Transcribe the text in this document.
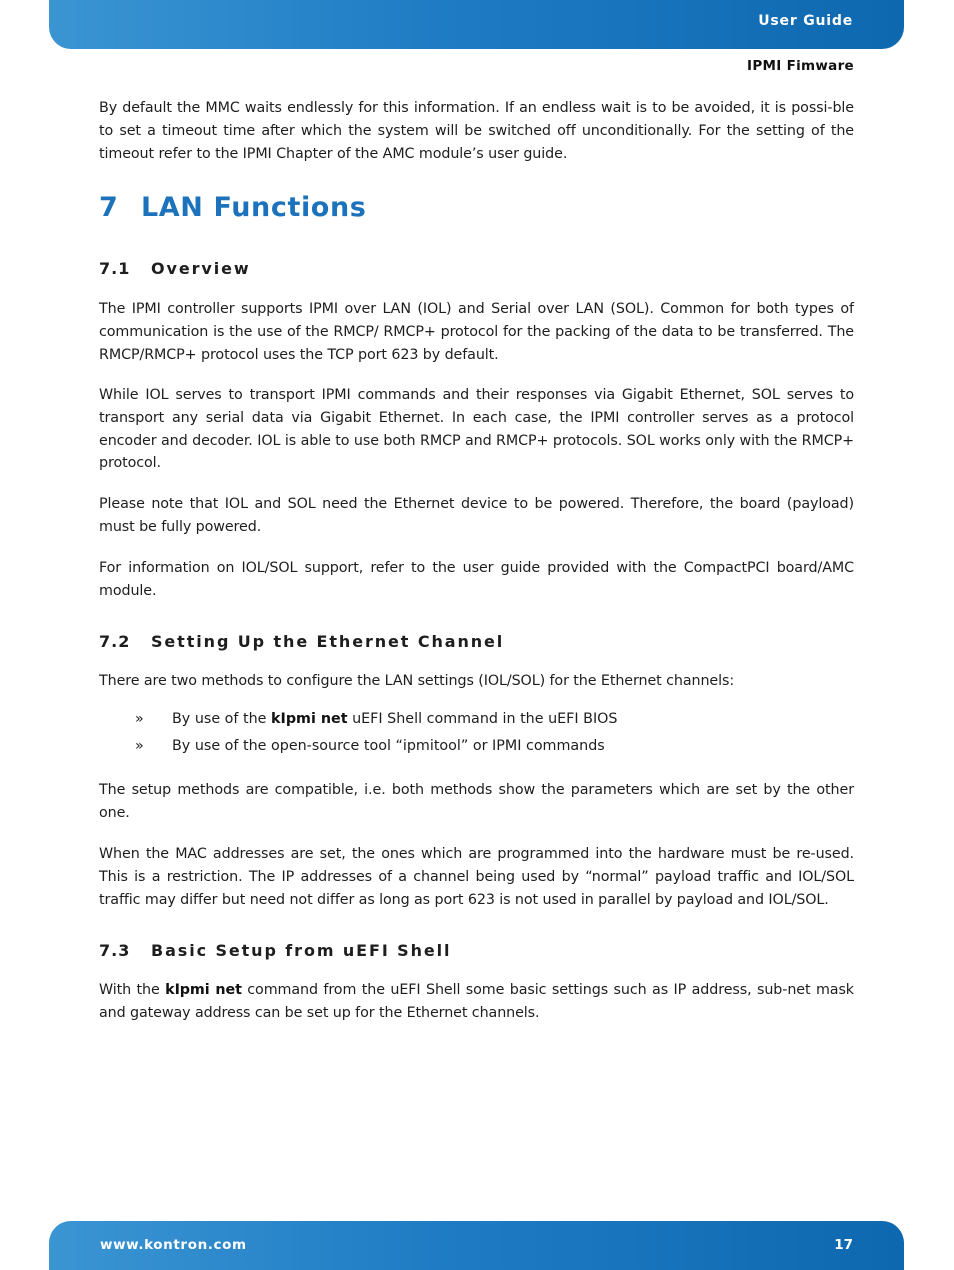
User Guide
IPMI Fimware

By default the MMC waits endlessly for this information. If an endless wait is to be avoided, it is possi-ble to set a timeout time after which the system will be switched off unconditionally. For the setting of the timeout refer to the IPMI Chapter of the AMC module’s user guide.

7 LAN Functions
7.1 Overview

The IPMI controller supports IPMI over LAN (IOL) and Serial over LAN (SOL). Common for both types of communication is the use of the RMCP/ RMCP+ protocol for the packing of the data to be transferred. The RMCP/RMCP+ protocol uses the TCP port 623 by default.

While IOL serves to transport IPMI commands and their responses via Gigabit Ethernet, SOL serves to transport any serial data via Gigabit Ethernet. In each case, the IPMI controller serves as a protocol encoder and decoder. IOL is able to use both RMCP and RMCP+ protocols. SOL works only with the RMCP+ protocol.

Please note that IOL and SOL need the Ethernet device to be powered. Therefore, the board (payload) must be fully powered.

For information on IOL/SOL support, refer to the user guide provided with the CompactPCI board/AMC module.

7.2 Setting Up the Ethernet Channel

There are two methods to configure the LAN settings (IOL/SOL) for the Ethernet channels:

» By use of the kIpmi net uEFI Shell command in the uEFI BIOS
» By use of the open-source tool “ipmitool” or IPMI commands

The setup methods are compatible, i.e. both methods show the parameters which are set by the other one.

When the MAC addresses are set, the ones which are programmed into the hardware must be re-used. This is a restriction. The IP addresses of a channel being used by “normal” payload traffic and IOL/SOL traffic may differ but need not differ as long as port 623 is not used in parallel by payload and IOL/SOL.

7.3 Basic Setup from uEFI Shell

With the kIpmi net command from the uEFI Shell some basic settings such as IP address, sub-net mask and gateway address can be set up for the Ethernet channels.

www.kontron.com	17
